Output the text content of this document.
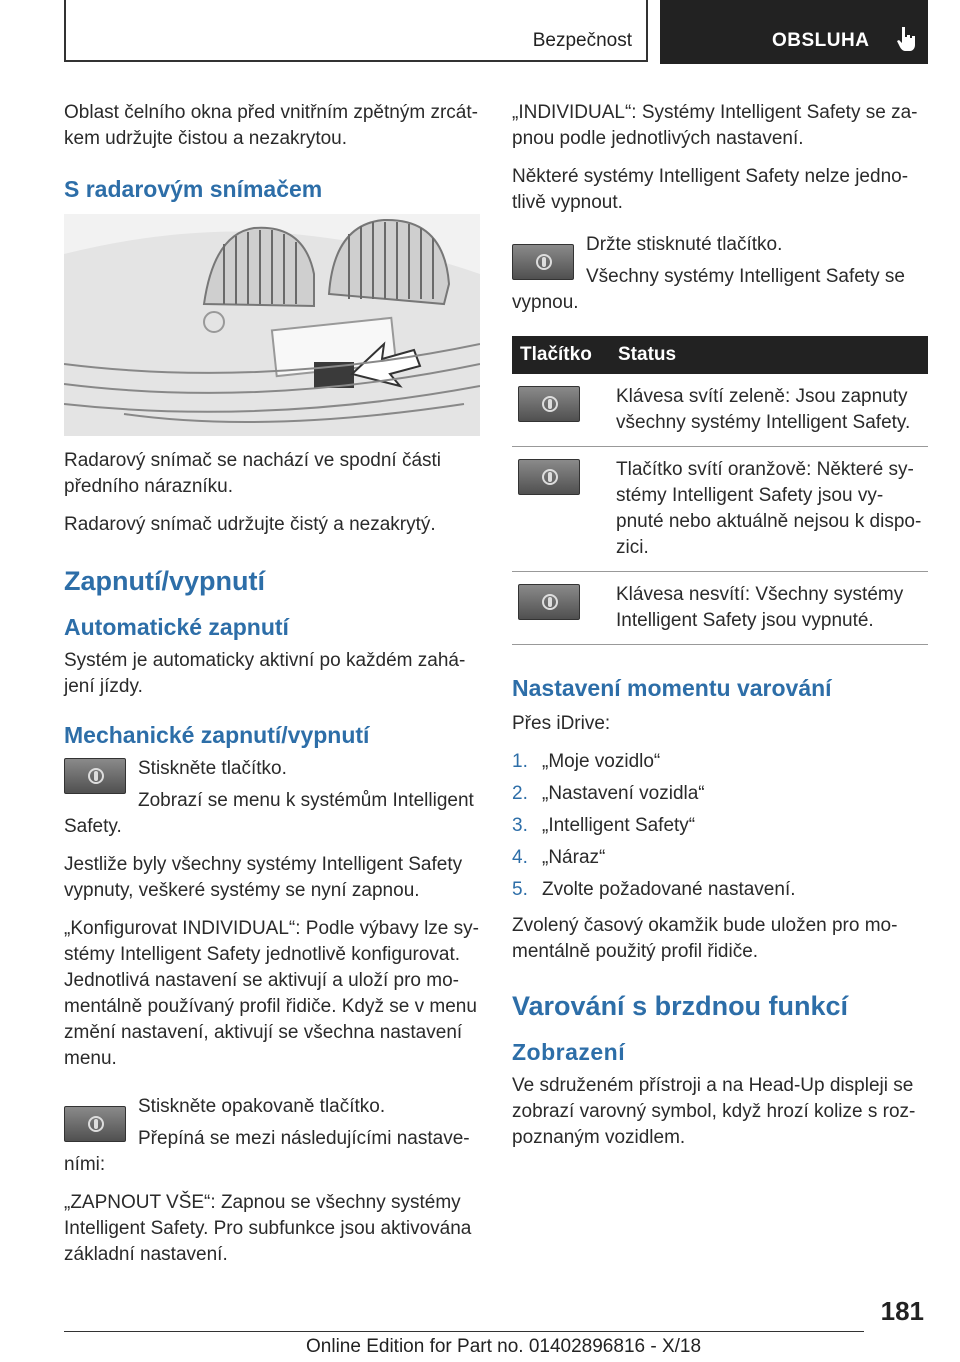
Bezpečnost	OBSLUHA

Oblast čelního okna před vnitřním zpětným zrcát-kem udržujte čistou a nezakrytou.

S radarovým snímačem

Radarový snímač se nachází ve spodní části předního nárazníku.

Radarový snímač udržujte čistý a nezakrytý.

Zapnutí/vypnutí
Automatické zapnutí

Systém je automaticky aktivní po každém zahá-jení jízdy.

Mechanické zapnutí/vypnutí

Stiskněte tlačítko.

Zobrazí se menu k systémům Intelligent Safety.

Jestliže byly všechny systémy Intelligent Safety vypnuty, veškeré systémy se nyní zapnou.

„Konfigurovat INDIVIDUAL“: Podle výbavy lze sy-stémy Intelligent Safety jednotlivě konfigurovat. Jednotlivá nastavení se aktivují a uloží pro mo-mentálně používaný profil řidiče. Když se v menu změní nastavení, aktivují se všechna nastavení menu.

Stiskněte opakovaně tlačítko.

Přepíná se mezi následujícími nastave-ními:

„ZAPNOUT VŠE“: Zapnou se všechny systémy Intelligent Safety. Pro subfunkce jsou aktivována základní nastavení.

„INDIVIDUAL“: Systémy Intelligent Safety se za-pnou podle jednotlivých nastavení.

Některé systémy Intelligent Safety nelze jedno-tlivě vypnout.

Držte stisknuté tlačítko.

Všechny systémy Intelligent Safety se vypnou.

Tlačítko	Status

	Klávesa svítí zeleně: Jsou zapnuty všechny systémy Intelligent Safety.

	Tlačítko svítí oranžově: Některé sy-stémy Intelligent Safety jsou vy-pnuté nebo aktuálně nejsou k dispo-zici.

	Klávesa nesvítí: Všechny systémy Intelligent Safety jsou vypnuté.
Nastavení momentu varování

Přes iDrive:

1. „Moje vozidlo“
2. „Nastavení vozidla“
3. „Intelligent Safety“
4. „Náraz“
5. Zvolte požadované nastavení.

Zvolený časový okamžik bude uložen pro mo-mentálně použitý profil řidiče.

Varování s brzdnou funkcí
Zobrazení

Ve sdruženém přístroji a na Head-Up displeji se zobrazí varovný symbol, když hrozí kolize s roz-poznaným vozidlem.

181
Online Edition for Part no. 01402896816 - X/18
